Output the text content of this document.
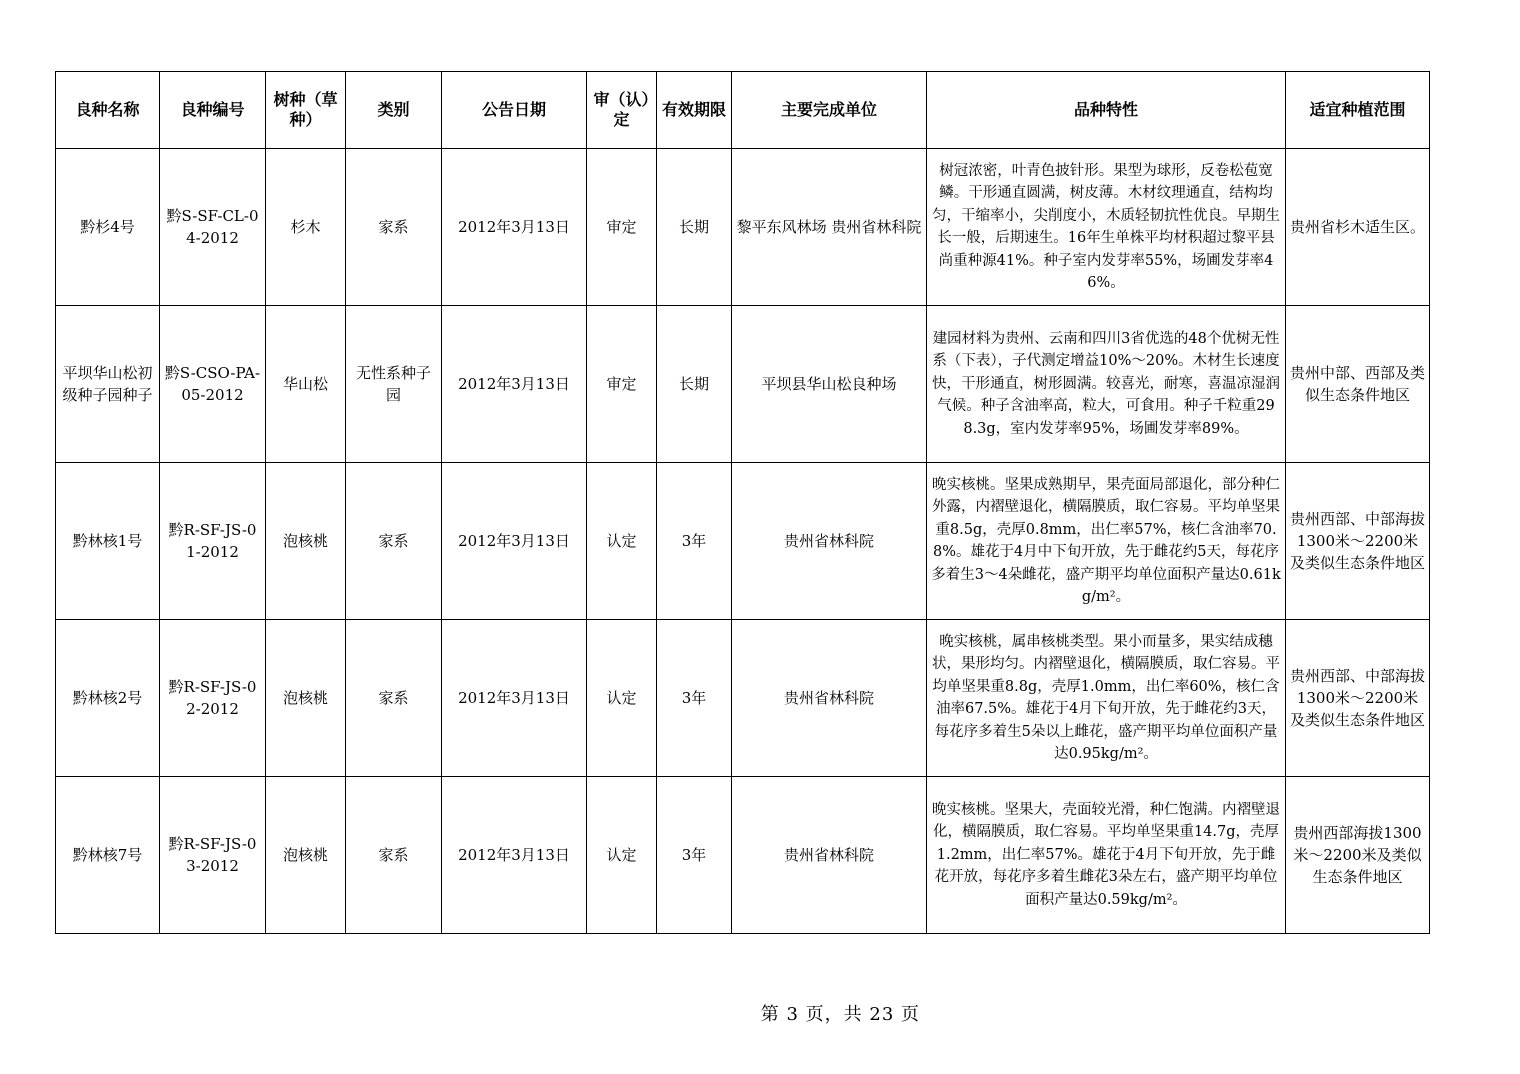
良种名称	良种编号	树种（草种）	类别	公告日期	审（认）定	有效期限	主要完成单位	品种特性	适宜种植范围
黔杉4号	黔S-SF-CL-04-2012	杉木	家系	2012年3月13日	审定	长期	黎平东风林场 贵州省林科院	树冠浓密，叶青色披针形。果型为球形，反卷松苞宽鳞。干形通直圆满，树皮薄。木材纹理通直，结构均匀，干缩率小，尖削度小，木质轻韧抗性优良。早期生长一般，后期速生。16年生单株平均材积超过黎平县尚重种源41%。种子室内发芽率55%，场圃发芽率46%。	贵州省杉木适生区。
平坝华山松初级种子园种子	黔S-CSO-PA-05-2012	华山松	无性系种子园	2012年3月13日	审定	长期	平坝县华山松良种场	建园材料为贵州、云南和四川3省优选的48个优树无性系（下表），子代测定增益10%～20%。木材生长速度快，干形通直，树形圆满。较喜光，耐寒，喜温凉湿润气候。种子含油率高，粒大，可食用。种子千粒重298.3g，室内发芽率95%，场圃发芽率89%。	贵州中部、西部及类似生态条件地区
黔林核1号	黔R-SF-JS-01-2012	泡核桃	家系	2012年3月13日	认定	3年	贵州省林科院	晚实核桃。坚果成熟期早，果壳面局部退化，部分种仁外露，内褶壁退化，横隔膜质，取仁容易。平均单坚果重8.5g，壳厚0.8mm，出仁率57%，核仁含油率70.8%。雄花于4月中下旬开放，先于雌花约5天，每花序多着生3～4朵雌花，盛产期平均单位面积产量达0.61kg/m²。	贵州西部、中部海拔1300米～2200米及类似生态条件地区
黔林核2号	黔R-SF-JS-02-2012	泡核桃	家系	2012年3月13日	认定	3年	贵州省林科院	晚实核桃，属串核桃类型。果小而量多，果实结成穗状，果形均匀。内褶壁退化，横隔膜质，取仁容易。平均单坚果重8.8g，壳厚1.0mm，出仁率60%，核仁含油率67.5%。雄花于4月下旬开放，先于雌花约3天，每花序多着生5朵以上雌花，盛产期平均单位面积产量达0.95kg/m²。	贵州西部、中部海拔1300米～2200米及类似生态条件地区
黔林核7号	黔R-SF-JS-03-2012	泡核桃	家系	2012年3月13日	认定	3年	贵州省林科院	晚实核桃。坚果大，壳面较光滑，种仁饱满。内褶壁退化，横隔膜质，取仁容易。平均单坚果重14.7g，壳厚1.2mm，出仁率57%。雄花于4月下旬开放，先于雌花开放，每花序多着生雌花3朵左右，盛产期平均单位面积产量达0.59kg/m²。	贵州西部海拔1300米～2200米及类似生态条件地区
第 3 页，共 23 页
